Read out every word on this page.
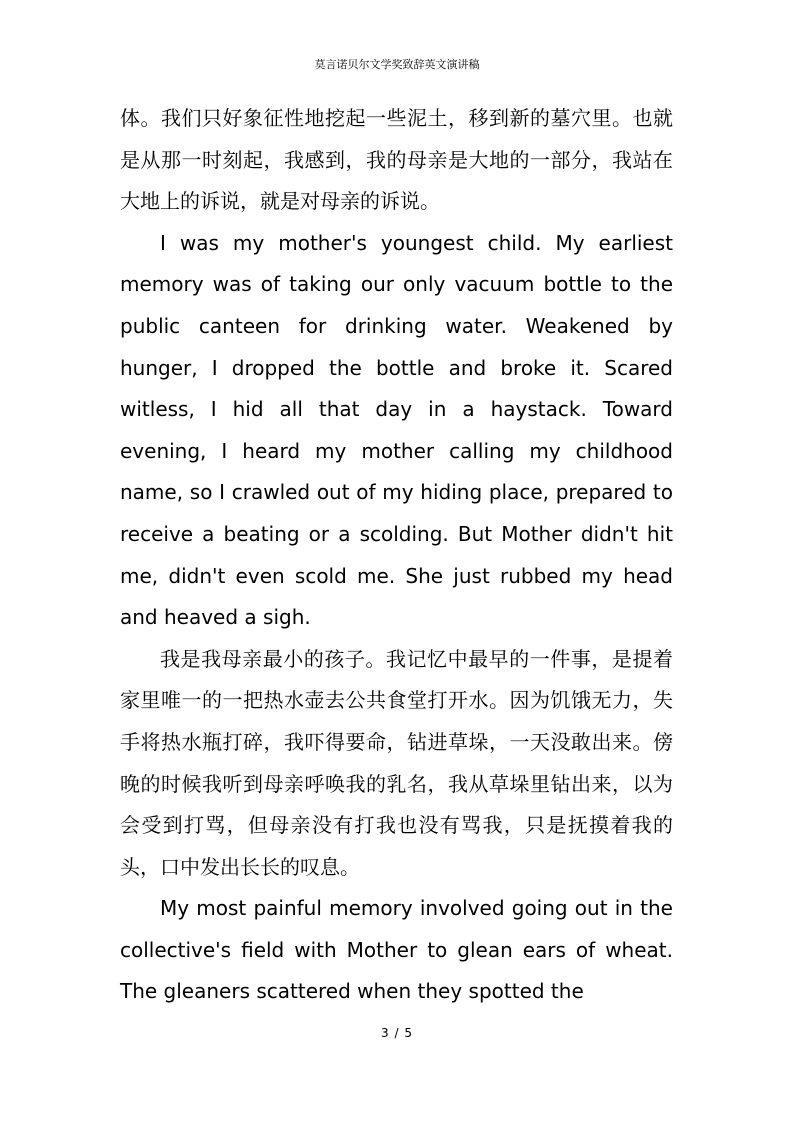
莫言诺贝尔文学奖致辞英文演讲稿

体。我们只好象征性地挖起一些泥土，移到新的墓穴里。也就是从那一时刻起，我感到，我的母亲是大地的一部分，我站在大地上的诉说，就是对母亲的诉说。

I was my mother's youngest child. My earliest memory was of taking our only vacuum bottle to the public canteen for drinking water. Weakened by hunger, I dropped the bottle and broke it. Scared witless, I hid all that day in a haystack. Toward evening, I heard my mother calling my childhood name, so I crawled out of my hiding place, prepared to receive a beating or a scolding. But Mother didn't hit me, didn't even scold me. She just rubbed my head and heaved a sigh.

我是我母亲最小的孩子。我记忆中最早的一件事，是提着家里唯一的一把热水壶去公共食堂打开水。因为饥饿无力，失手将热水瓶打碎，我吓得要命，钻进草垛，一天没敢出来。傍晚的时候我听到母亲呼唤我的乳名，我从草垛里钻出来，以为会受到打骂，但母亲没有打我也没有骂我，只是抚摸着我的头，口中发出长长的叹息。

My most painful memory involved going out in the collective's field with Mother to glean ears of wheat. The gleaners scattered when they spotted the

3 / 5
